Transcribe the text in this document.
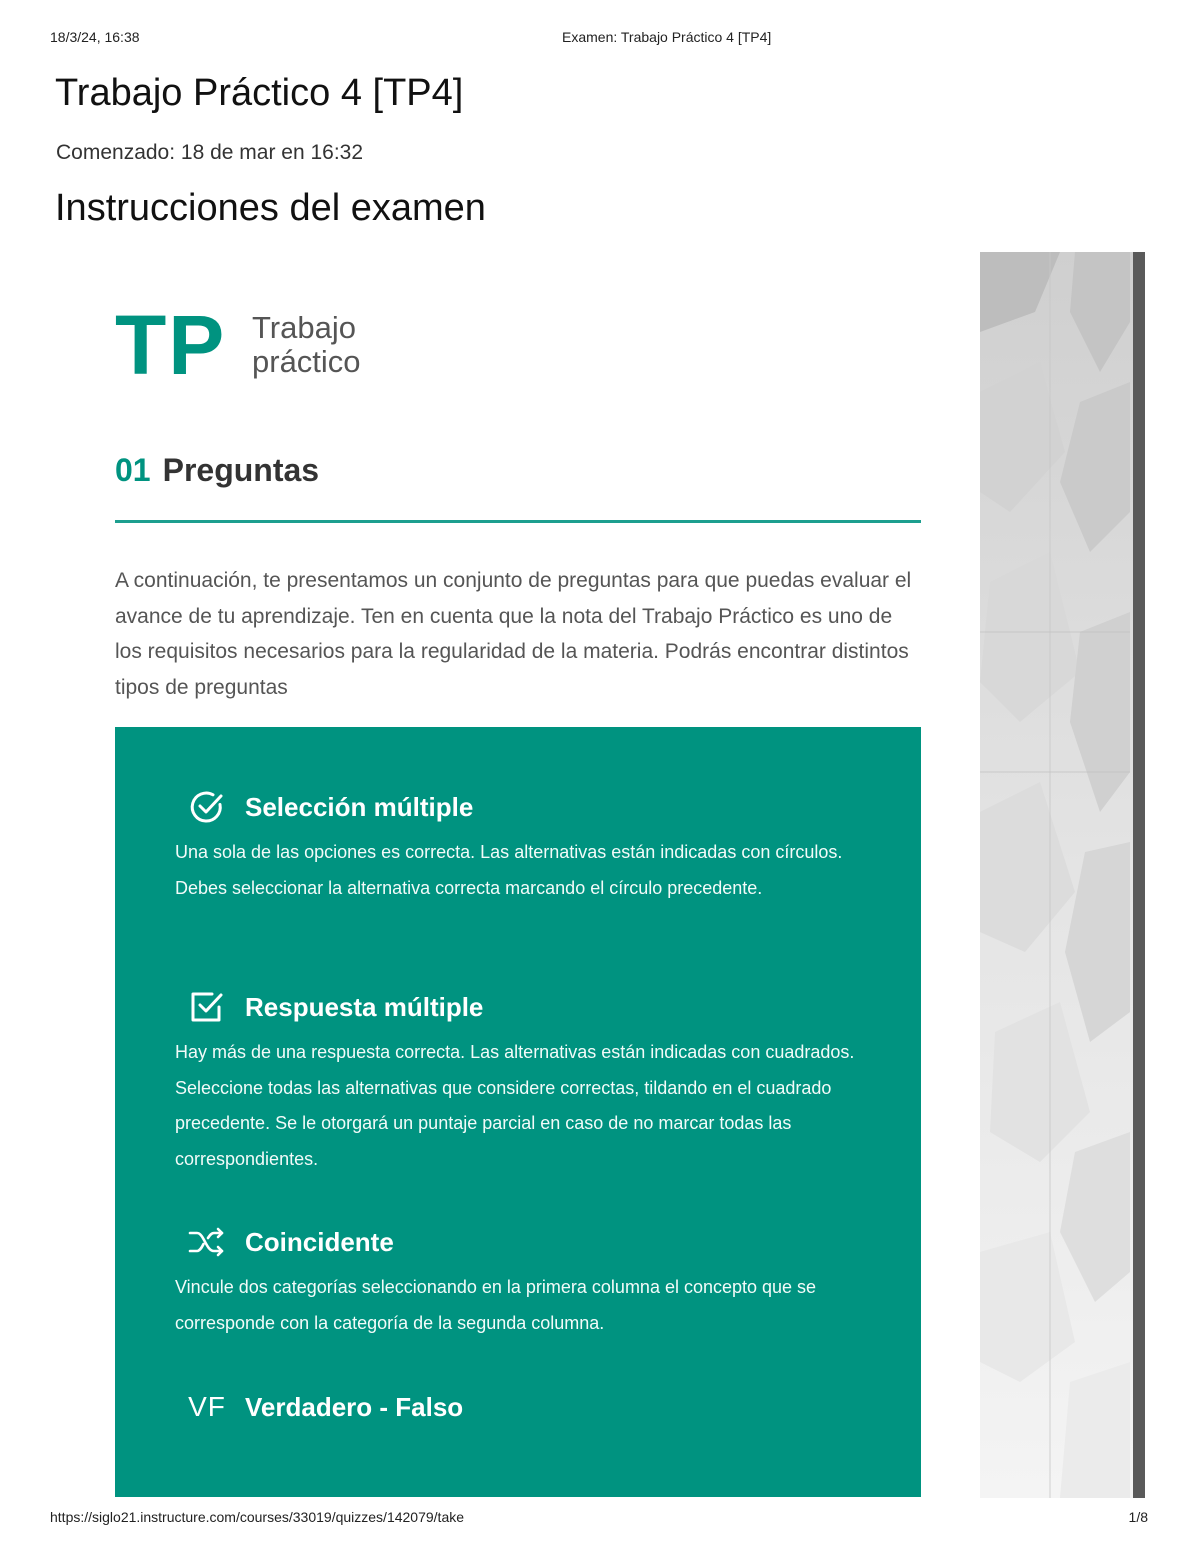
18/3/24, 16:38	Examen: Trabajo Práctico 4 [TP4]
Trabajo Práctico 4 [TP4]
Comenzado: 18 de mar en 16:32
Instrucciones del examen
TP Trabajo
práctico
01 Preguntas
A continuación, te presentamos un conjunto de preguntas para que puedas evaluar el avance de tu aprendizaje. Ten en cuenta que la nota del Trabajo Práctico es uno de los requisitos necesarios para la regularidad de la materia. Podrás encontrar distintos tipos de preguntas
Selección múltiple
Una sola de las opciones es correcta. Las alternativas están indicadas con círculos. Debes seleccionar la alternativa correcta marcando el círculo precedente.
Respuesta múltiple
Hay más de una respuesta correcta. Las alternativas están indicadas con cuadrados. Seleccione todas las alternativas que considere correctas, tildando en el cuadrado precedente. Se le otorgará un puntaje parcial en caso de no marcar todas las correspondientes.
Coincidente
Vincule dos categorías seleccionando en la primera columna el concepto que se corresponde con la categoría de la segunda columna.
VF Verdadero - Falso
https://siglo21.instructure.com/courses/33019/quizzes/142079/take	1/8
